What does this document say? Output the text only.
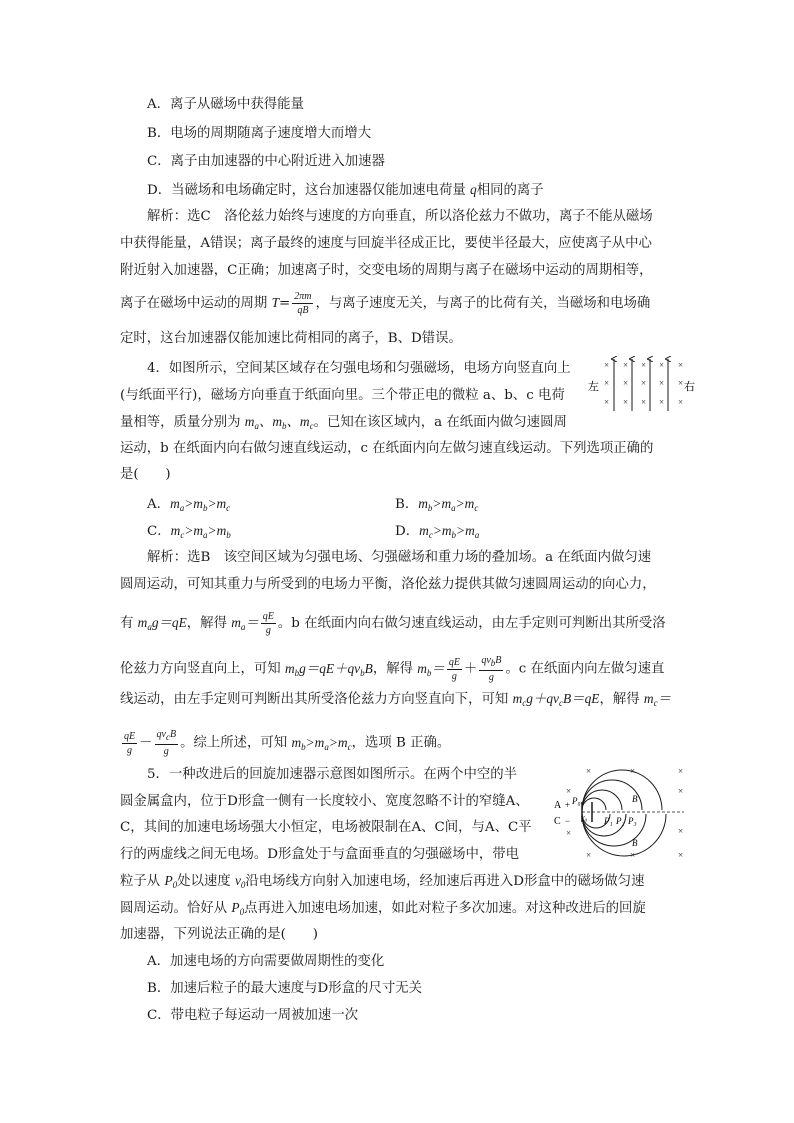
A．离子从磁场中获得能量
B．电场的周期随离子速度增大而增大
C．离子由加速器的中心附近进入加速器
D．当磁场和电场确定时，这台加速器仅能加速电荷量 q相同的离子
解析：选C　洛伦兹力始终与速度的方向垂直，所以洛伦兹力不做功，离子不能从磁场
中获得能量，A错误；离子最终的速度与回旋半径成正比，要使半径最大，应使离子从中心
附近射入加速器，C正确；加速离子时，交变电场的周期与离子在磁场中运动的周期相等，
离子在磁场中运动的周期 $T= \frac{2\pi m}{qB}$ ，与离子速度无关，与离子的比荷有关，当磁场和电场确
定时，这台加速器仅能加速比荷相同的离子，B、D错误。
4．如图所示，空间某区域存在匀强电场和匀强磁场，电场方向竖直向上
(与纸面平行)，磁场方向垂直于纸面向里。三个带正电的微粒 a、b、c 电荷
量相等，质量分别为 $m_a$、$m_b$、$m_c$。已知在该区域内，a 在纸面内做匀速圆周
运动，b 在纸面内向右做匀速直线运动，c 在纸面内向左做匀速直线运动。下列选项正确的
是(　　)
左	右
×
×
×
×
×
×
×
×
×
×
×
×
×
×
×
A．$m_a>m_b>m_c$	B．$m_b>m_a>m_c$
C．$m_c>m_a>m_b$	D．$m_c>m_b>m_a$
解析：选B　该空间区域为匀强电场、匀强磁场和重力场的叠加场。a 在纸面内做匀速
圆周运动，可知其重力与所受到的电场力平衡，洛伦兹力提供其做匀速圆周运动的向心力，
有 $m_ag=qE$，解得 $m_a= \frac{qE}{g}$ 。b 在纸面内向右做匀速直线运动，由左手定则可判断出其所受洛
伦兹力方向竖直向上，可知 $m_bg=qE+qv_bB$，解得 $m_b= \frac{qE}{g} + \frac{qv_bB}{g}$ 。c 在纸面内向左做匀速直
线运动，由左手定则可判断出其所受洛伦兹力方向竖直向下，可知 $m_cg+qv_cB=qE$，解得 $m_c=$
$\frac{qE}{g} - \frac{qv_cB}{g}$ 。综上所述，可知 $m_b>m_a>m_c$，选项 B 正确。
5．一种改进后的回旋加速器示意图如图所示。在两个中空的半
圆金属盒内，位于D形盒一侧有一长度较小、宽度忽略不计的窄缝A、
C，其间的加速电场场强大小恒定，电场被限制在A、C间，与A、C平
行的两虚线之间无电场。D形盒处于与盒面垂直的匀强磁场中，带电
粒子从 $P_0$处以速度 $v_0$沿电场线方向射入加速电场，经加速后再进入D形盒中的磁场做匀速
圆周运动。恰好从 $P_0$点再进入加速电场加速，如此对粒子多次加速。对这种改进后的回旋
加速器，下列说法正确的是(　　)
×	×	×
×	×
×
×	×	×
×
A
C
+
−
P₀
v₀ P₁ P₂ P₃
B
B
A．加速电场的方向需要做周期性的变化
B．加速后粒子的最大速度与D形盒的尺寸无关
C．带电粒子每运动一周被加速一次
